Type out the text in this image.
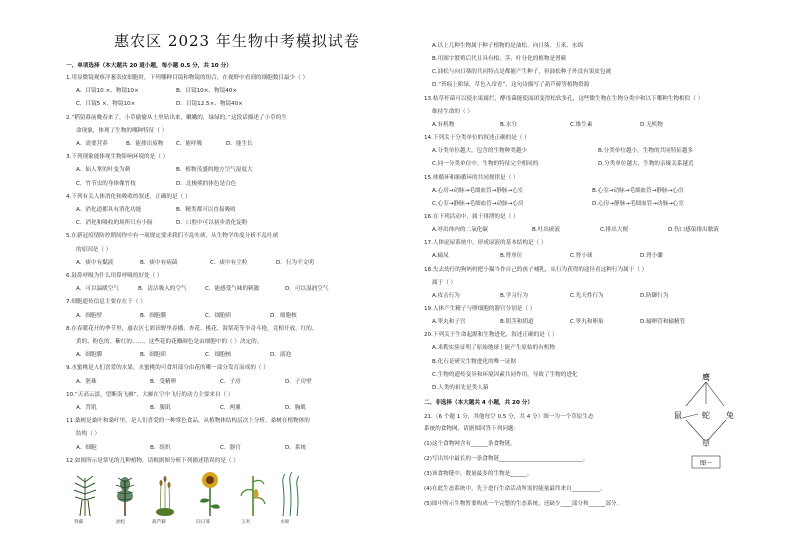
惠农区 2023 年生物中考模拟试卷
鹰
蛇 兔
鼠
草
图一
一、单项选择（本大题共 20 道小题，每小题 0.5 分，共 10 分）
1.用显微镜观察洋葱表皮细胞时，下列哪种目镜和物镜的组合，在视野中看到的细胞数目最少（ ）
A．目镜10 ×、物镜10×	B．目镜10×、物镜40×
C．目镜5 ×、物镜10×	D．目镜12.5×、物镜40×
2.“稻留暮前晚春来了，小草偷偷从土里钻出来，嫩嫩的，绿绿的。”这段话描述了小草的生
命现象，体现了生物的哪种特征（ ）
A．需要营养	B．能排出废物 C．能呼吸	D．能生长
3.下列现象能体现生物影响环境的是（ ）
A．仙人掌的叶变为刺	B．植物茂盛的地方空气湿度大
C．竹节虫的身体像竹枝	D．北极熊的体色是白色
4.下列有关人体消化和吸收的叙述，正确的是（ ）
A．消化道都具有消化功能	B．精类都可以直接吸收
C．消化和吸收的场所只有小肠	D．口腔中可以初步消化淀粉
5.在新冠疫情防控期间你中有一项规定要求我们不乱吐痰，从生物学角度分析不乱吐痰
的原因是（ ）
A．痰中有黏液	B．痰中有病菌	C．痰中有尘粒	D．行为不文明
6.鼓鼻呼吸为什么用鼻呼吸的好处（ ）
A．可以温暖空气	B．清洁吸入的空气	C．能感受气味的刺激	D．可以湿润空气
7.细胞遗传信息主要存在于（ ）
A．细胞壁	B．细胞膜	C．细胞质	D．细胞核
8.在春暖花开的季节里，惠农区七彩田野里春播、杏花、桃花、海棠花等争奇斗艳，竞相开放，红的、
黄的、粉色的、紫红的……，这些花的花瓣颜色是由细胞中的（ ）决定的。
A．细胞膜	B．细胞质	C．细胞核	D．液泡
9.水蜜桃是人们喜爱的水果，水蜜桃的可食用部分由花的哪一部分发育而成的（ ）
A．胚珠	B．受精卵	C．子房	D．子房壁
10.“天高云淡，望断南飞雁”，大雁在空中飞行的动力主要来自（ ）
A．背肌	B．腹肌	C．两翼	D．胸肌
11.桑树是桑叶和桑叶里，是人们喜爱的一种常色食品，从植物体结构层次上分析，桑树在植物体的
结构（ ）
A．细胞	B．组织	C．器官	D．系统
12.如图所示是常见的几种植物，请根据图分析下列描述错误的是（ ）
肾蕨	油松	葫芦藓	向日葵	玉米	水绵
A.以上几种生物属于种子植物的是油松、向日葵、玉米、水绵
B.用图字繁殖后代且具有根、茎、叶分化的植物是肾蕨
C.油松与向日葵的共同特点是都能产生种子，但油松种子外没有果皮包被
D.“苔痕上阶绿，草色入帘青”，这句诗描写了葫芦藓等植物资源
13.枯草杆菌可以使水果腐烂，酵母菌能使面团变得松软多孔，这些微生物在生物分类中和以下哪种生物相似（ ）
维持生命的（ ）
A.有机物	B.水分	C.维生素	D.无机物
14.下列关于分类单位的叙述正确的是（ ）
A.分类单位越大，包含的生物种类越少	B.分类单位越小，生物的共同特征越多
C.同一分类单位中，生物的特征完全相同的	D.分类单位越大，生物的亲缘关系越近
15.体循环和肺循环的共同规律是（ ）
A.心房→动脉→毛细血管→静脉→心室	B.心室→动脉→毛细血管→静脉→心房
C.心室→静脉→毛细血管→动脉→心房	D.心房→静脉→毛细血管→动脉→心室
16.在下列活动中，属于排泄的是（ ）
A.呼出体内的二氧化碳	B.吐出痰液	C.排出大便	D.伤口感染排出脓液
17.人体泌尿系统中，形成尿液的基本结构是（ ）
A.输尿	B.肾单位	C.肾小球	D.肾小囊
18.失去幼仔的狗妈妈把小猫当作自己的孩子哺乳，从行为获得的途径看这种行为属于（ ）
属于（ ）
A.攻击行为	B.学习行为	C.先天性行为	D.防御行为
19.人体产生精子与卵细胞的器官分别是（ ）
A.睾丸和子宫	B.阴茎和阴道	C.睾丸和卵巢	D.输卵管和输精管
20.下列关于生命起源和生物进化，叙述正确的是（ ）
A.米勒实验证明了原始地球上能产生原始的有机物
B.化石是研究生物进化的唯一证据
C.生物的遗传变异和环境因素共同作用，导致了生物的进化
D.人类的祖先是类人猿
二、非选择（本大题共 4 小题，共 20 分）
21.（6 个题 1 分，其他每空 0.5 分，共 4 分）图一为一个草原生态
系统的食物网，请据图回答下列问题：
(1)这个食物网含有______条食物链。
(2)写出其中最长的一条食物链______________________________。
(3)该食物链中，数量最多的生物是______。
(4)在此生态系统中，先于进行生命活动所需的能量最终来自__________。
(5)图中所示生物暂要构成一个完整的生态系统，还缺少____部分和______部分。
